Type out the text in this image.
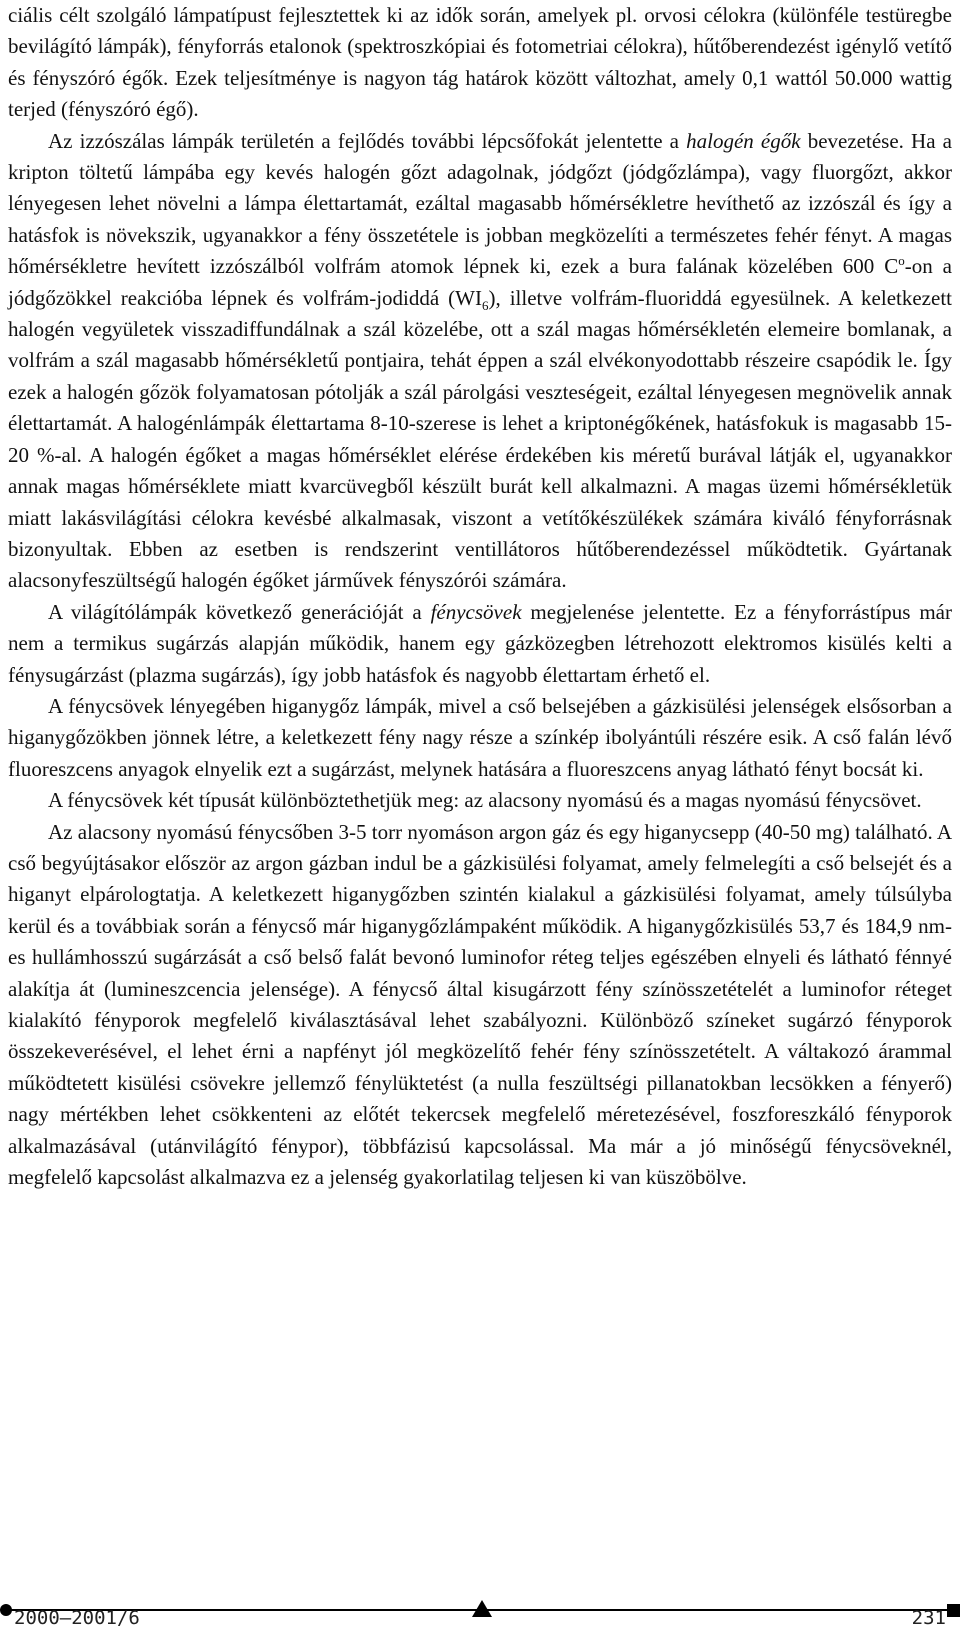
ciális célt szolgáló lámpatípust fejlesztettek ki az idők során, amelyek pl. orvosi célokra (különféle testüregbe bevilágító lámpák), fényforrás etalonok (spektroszkópiai és fotometriai célokra), hűtőberendezést igénylő vetítő és fényszóró égők. Ezek teljesítménye is nagyon tág határok között változhat, amely 0,1 wattól 50.000 wattig terjed (fényszóró égő).

Az izzószálas lámpák területén a fejlődés további lépcsőfokát jelentette a halogén égők bevezetése. Ha a kripton töltetű lámpába egy kevés halogén gőzt adagolnak, jódgőzt (jódgőzlámpa), vagy fluorgőzt, akkor lényegesen lehet növelni a lámpa élettartamát, ezáltal magasabb hőmérsékletre hevíthető az izzószál és így a hatásfok is növekszik, ugyanakkor a fény összetétele is jobban megközelíti a természetes fehér fényt. A magas hőmérsékletre hevített izzószálból volfrám atomok lépnek ki, ezek a bura falának közelében 600 $C^o-on$ a jódgőzökkel reakcióba lépnek és volfrám-jodiddá $(WI_6)$, illetve volfrám-fluoriddá egyesülnek. A keletkezett halogén vegyületek visszadiffundálnak a szál közelébe, ott a szál magas hőmérsékletén elemeire bomlanak, a volfrám a szál magasabb hőmérsékletű pontjaira, tehát éppen a szál elvékonyodottabb részeire csapódik le. Így ezek a halogén gőzök folyamatosan pótolják a szál párolgási veszteségeit, ezáltal lényegesen megnövelik annak élettartamát. A halogénlámpák élettartama 8-10-szerese is lehet a kriptonégőkének, hatásfokuk is magasabb 15-20 %-al. A halogén égőket a magas hőmérséklet elérése érdekében kis méretű burával látják el, ugyanakkor annak magas hőmérséklete miatt kvarcüvegből készült burát kell alkalmazni. A magas üzemi hőmérsékletük miatt lakásvilágítási célokra kevésbé alkalmasak, viszont a vetítőkészülékek számára kiváló fényforrásnak bizonyultak. Ebben az esetben is rendszerint ventillátoros hűtőberendezéssel működtetik. Gyártanak alacsonyfeszültségű halogén égőket járművek fényszórói számára.

A világítólámpák következő generációját a fénycsövek megjelenése jelentette. Ez a fényforrástípus már nem a termikus sugárzás alapján működik, hanem egy gázközegben létrehozott elektromos kisülés kelti a fénysugárzást (plazma sugárzás), így jobb hatásfok és nagyobb élettartam érhető el.

A fénycsövek lényegében higanygőz lámpák, mivel a cső belsejében a gázkisülési jelenségek elsősorban a higanygőzökben jönnek létre, a keletkezett fény nagy része a színkép ibolyántúli részére esik. A cső falán lévő fluoreszcens anyagok elnyelik ezt a sugárzást, melynek hatására a fluoreszcens anyag látható fényt bocsát ki.

A fénycsövek két típusát különböztethetjük meg: az alacsony nyomású és a magas nyomású fénycsövet.

Az alacsony nyomású fénycsőben 3-5 torr nyomáson argon gáz és egy higanycsepp (40-50 mg) található. A cső begyújtásakor először az argon gázban indul be a gázkisülési folyamat, amely felmelegíti a cső belsejét és a higanyt elpárologtatja. A keletkezett higanygőzben szintén kialakul a gázkisülési folyamat, amely túlsúlyba kerül és a továbbiak során a fénycső már higanygőzlámpaként működik. A higanygőzkisülés 53,7 és 184,9 nm-es hullámhosszú sugárzását a cső belső falát bevonó luminofor réteg teljes egészében elnyeli és látható fénnyé alakítja át (lumineszcencia jelensége). A fénycső által kisugárzott fény színösszetételét a luminofor réteget kialakító fényporok megfelelő kiválasztásával lehet szabályozni. Különböző színeket sugárzó fényporok összekeverésével, el lehet érni a napfényt jól megközelítő fehér fény színösszetételt. A váltakozó árammal működtetett kisülési csövekre jellemző fénylüktetést (a nulla feszültségi pillanatokban lecsökken a fényerő) nagy mértékben lehet csökkenteni az előtét tekercsek megfelelő méretezésével, foszforeszkáló fényporok alkalmazásával (utánvilágító fénypor), többfázisú kapcsolással. Ma már a jó minőségű fénycsöveknél, megfelelő kapcsolást alkalmazva ez a jelenség gyakorlatilag teljesen ki van küszöbölve.

2000–2001/6	231
